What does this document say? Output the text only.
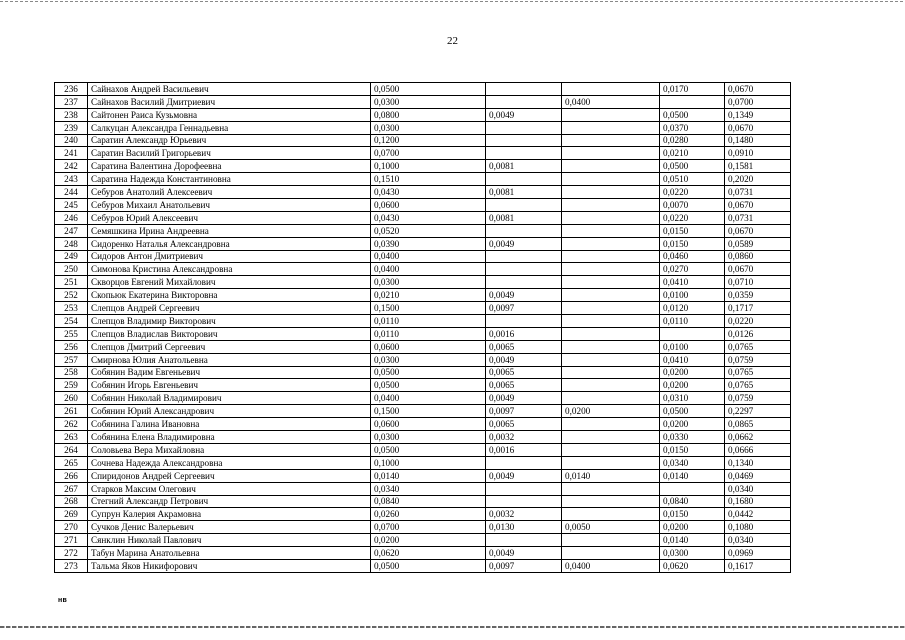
22
236	Сайнахов Андрей Васильевич	0,0500			0,0170	0,0670
237	Сайнахов Василий Дмитриевич	0,0300		0,0400		0,0700
238	Сайтонен Раиса Кузьмовна	0,0800	0,0049		0,0500	0,1349
239	Салкуцан Александра Геннадьевна	0,0300			0,0370	0,0670
240	Саратин Александр Юрьевич	0,1200			0,0280	0,1480
241	Саратин Василий Григорьевич	0,0700			0,0210	0,0910
242	Саратина Валентина Дорофеевна	0,1000	0,0081		0,0500	0,1581
243	Саратина Надежда Константиновна	0,1510			0,0510	0,2020
244	Себуров Анатолий Алексеевич	0,0430	0,0081		0,0220	0,0731
245	Себуров Михаил Анатольевич	0,0600			0,0070	0,0670
246	Себуров Юрий Алексеевич	0,0430	0,0081		0,0220	0,0731
247	Семяшкина Ирина Андреевна	0,0520			0,0150	0,0670
248	Сидоренко Наталья Александровна	0,0390	0,0049		0,0150	0,0589
249	Сидоров Антон Дмитриевич	0,0400			0,0460	0,0860
250	Симонова Кристина Александровна	0,0400			0,0270	0,0670
251	Скворцов Евгений Михайлович	0,0300			0,0410	0,0710
252	Скопьюк Екатерина Викторовна	0,0210	0,0049		0,0100	0,0359
253	Слепцов Андрей Сергеевич	0,1500	0,0097		0,0120	0,1717
254	Слепцов Владимир Викторович	0,0110			0,0110	0,0220
255	Слепцов Владислав Викторович	0,0110	0,0016			0,0126
256	Слепцов Дмитрий Сергеевич	0,0600	0,0065		0,0100	0,0765
257	Смирнова Юлия Анатольевна	0,0300	0,0049		0,0410	0,0759
258	Собянин Вадим Евгеньевич	0,0500	0,0065		0,0200	0,0765
259	Собянин Игорь Евгеньевич	0,0500	0,0065		0,0200	0,0765
260	Собянин Николай Владимирович	0,0400	0,0049		0,0310	0,0759
261	Собянин Юрий Александрович	0,1500	0,0097	0,0200	0,0500	0,2297
262	Собянина Галина Ивановна	0,0600	0,0065		0,0200	0,0865
263	Собянина Елена Владимировна	0,0300	0,0032		0,0330	0,0662
264	Соловьева Вера Михайловна	0,0500	0,0016		0,0150	0,0666
265	Сочнева Надежда Александровна	0,1000			0,0340	0,1340
266	Спиридонов Андрей Сергеевич	0,0140	0,0049	0,0140	0,0140	0,0469
267	Старков Максим Олегович	0,0340				0,0340
268	Стегний Александр Петрович	0,0840			0,0840	0,1680
269	Супрун Калерия Акрамовна	0,0260	0,0032		0,0150	0,0442
270	Сучков Денис Валерьевич	0,0700	0,0130	0,0050	0,0200	0,1080
271	Сянклин Николай Павлович	0,0200			0,0140	0,0340
272	Табун Марина Анатольевна	0,0620	0,0049		0,0300	0,0969
273	Тальма Яков Никифорович	0,0500	0,0097	0,0400	0,0620	0,1617
нв
